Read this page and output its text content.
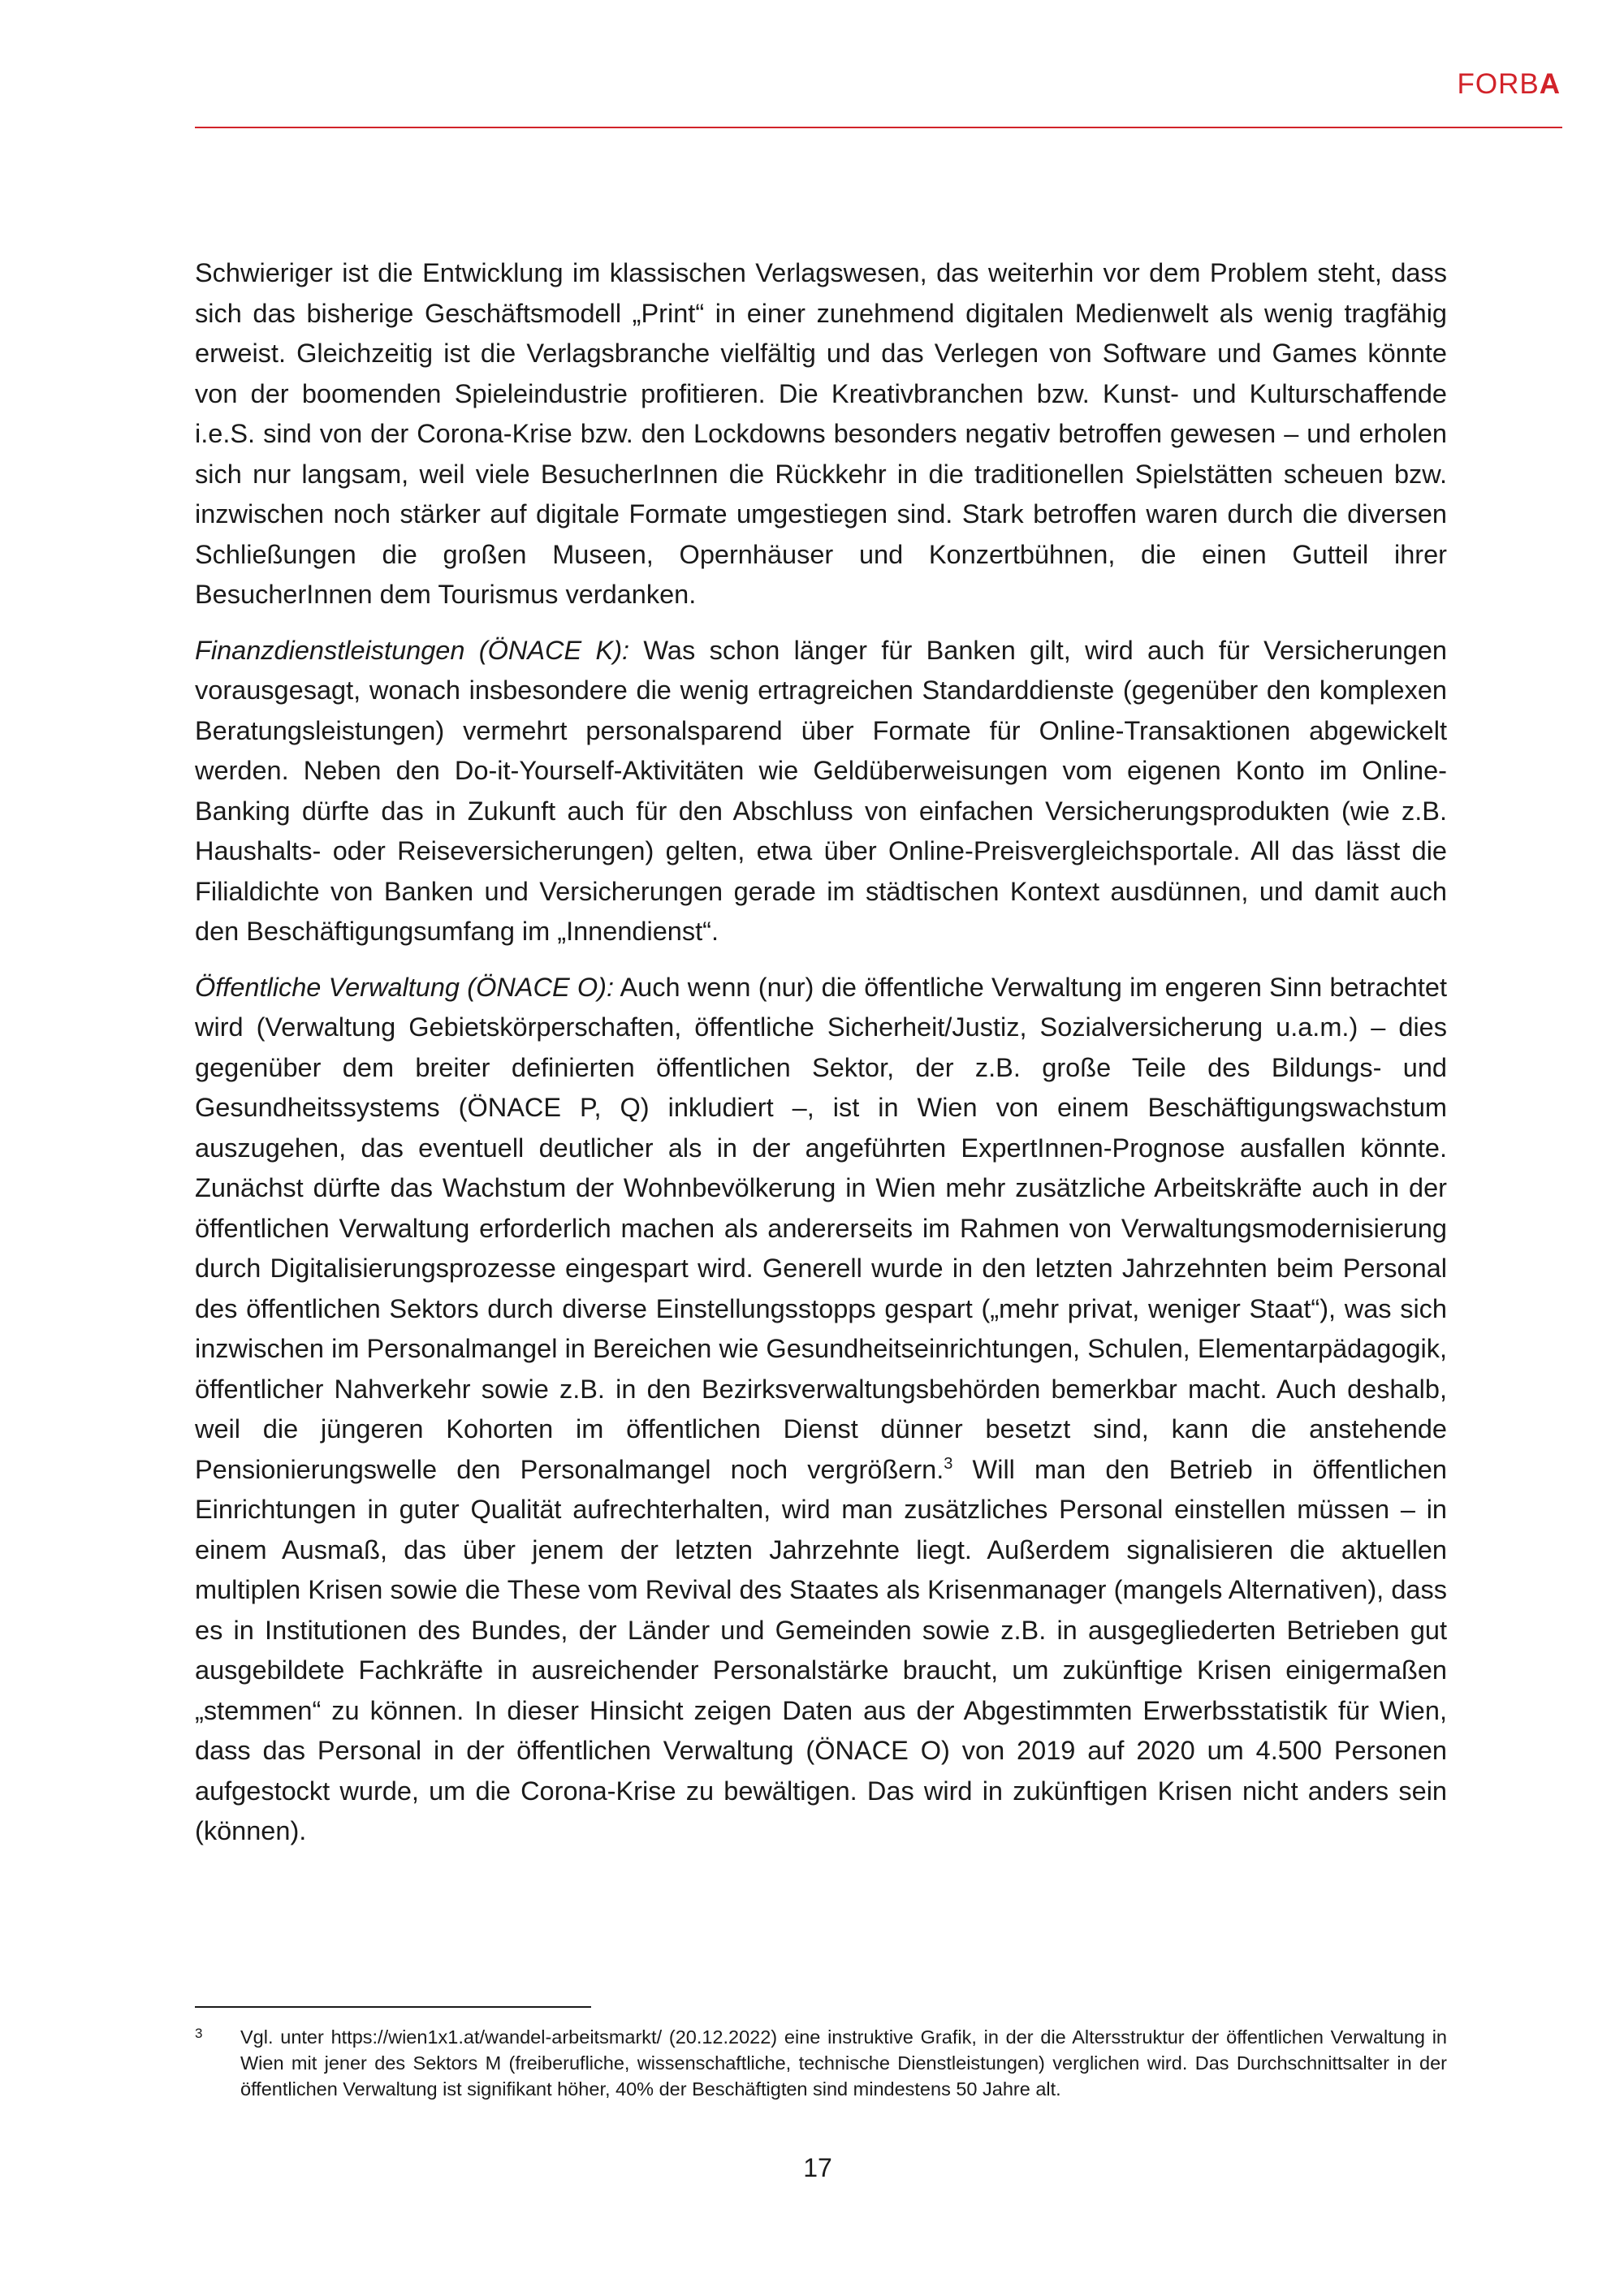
FORBA

Schwieriger ist die Entwicklung im klassischen Verlagswesen, das weiterhin vor dem Problem steht, dass sich das bisherige Geschäftsmodell „Print“ in einer zunehmend digitalen Medienwelt als wenig tragfähig erweist. Gleichzeitig ist die Verlagsbranche vielfältig und das Verlegen von Software und Games könnte von der boomenden Spieleindustrie profitieren. Die Kreativbranchen bzw. Kunst- und Kulturschaffende i.e.S. sind von der Corona-Krise bzw. den Lockdowns besonders negativ betroffen gewesen – und erholen sich nur langsam, weil viele BesucherInnen die Rückkehr in die traditionellen Spielstätten scheuen bzw. inzwischen noch stärker auf digitale Formate umgestiegen sind. Stark betroffen waren durch die diversen Schließungen die großen Museen, Opernhäuser und Konzertbühnen, die einen Gutteil ihrer BesucherInnen dem Tourismus verdanken.

Finanzdienstleistungen (ÖNACE K): Was schon länger für Banken gilt, wird auch für Versicherungen vorausgesagt, wonach insbesondere die wenig ertragreichen Standarddienste (gegenüber den komplexen Beratungsleistungen) vermehrt personalsparend über Formate für Online-Transaktionen abgewickelt werden. Neben den Do-it-Yourself-Aktivitäten wie Geldüberweisungen vom eigenen Konto im Online-Banking dürfte das in Zukunft auch für den Abschluss von einfachen Versicherungsprodukten (wie z.B. Haushalts- oder Reiseversicherungen) gelten, etwa über Online-Preisvergleichsportale. All das lässt die Filialdichte von Banken und Versicherungen gerade im städtischen Kontext ausdünnen, und damit auch den Beschäftigungsumfang im „Innendienst“.

Öffentliche Verwaltung (ÖNACE O): Auch wenn (nur) die öffentliche Verwaltung im engeren Sinn betrachtet wird (Verwaltung Gebietskörperschaften, öffentliche Sicherheit/Justiz, Sozialversicherung u.a.m.) – dies gegenüber dem breiter definierten öffentlichen Sektor, der z.B. große Teile des Bildungs- und Gesundheitssystems (ÖNACE P, Q) inkludiert –, ist in Wien von einem Beschäftigungswachstum auszugehen, das eventuell deutlicher als in der angeführten ExpertInnen-Prognose ausfallen könnte. Zunächst dürfte das Wachstum der Wohnbevölkerung in Wien mehr zusätzliche Arbeitskräfte auch in der öffentlichen Verwaltung erforderlich machen als andererseits im Rahmen von Verwaltungsmodernisierung durch Digitalisierungsprozesse eingespart wird. Generell wurde in den letzten Jahrzehnten beim Personal des öffentlichen Sektors durch diverse Einstellungsstopps gespart („mehr privat, weniger Staat“), was sich inzwischen im Personalmangel in Bereichen wie Gesundheitseinrichtungen, Schulen, Elementarpädagogik, öffentlicher Nahverkehr sowie z.B. in den Bezirksverwaltungsbehörden bemerkbar macht. Auch deshalb, weil die jüngeren Kohorten im öffentlichen Dienst dünner besetzt sind, kann die anstehende Pensionierungswelle den Personalmangel noch vergrößern.$^3$ Will man den Betrieb in öffentlichen Einrichtungen in guter Qualität aufrechterhalten, wird man zusätzliches Personal einstellen müssen – in einem Ausmaß, das über jenem der letzten Jahrzehnte liegt. Außerdem signalisieren die aktuellen multiplen Krisen sowie die These vom Revival des Staates als Krisenmanager (mangels Alternativen), dass es in Institutionen des Bundes, der Länder und Gemeinden sowie z.B. in ausgegliederten Betrieben gut ausgebildete Fachkräfte in ausreichender Personalstärke braucht, um zukünftige Krisen einigermaßen „stemmen“ zu können. In dieser Hinsicht zeigen Daten aus der Abgestimmten Erwerbsstatistik für Wien, dass das Personal in der öffentlichen Verwaltung (ÖNACE O) von 2019 auf 2020 um 4.500 Personen aufgestockt wurde, um die Corona-Krise zu bewältigen. Das wird in zukünftigen Krisen nicht anders sein (können).

3 Vgl. unter https://wien1x1.at/wandel-arbeitsmarkt/ (20.12.2022) eine instruktive Grafik, in der die Altersstruktur der öffentlichen Verwaltung in Wien mit jener des Sektors M (freiberufliche, wissenschaftliche, technische Dienstleistungen) verglichen wird. Das Durchschnittsalter in der öffentlichen Verwaltung ist signifikant höher, 40% der Beschäftigten sind mindestens 50 Jahre alt.
17
